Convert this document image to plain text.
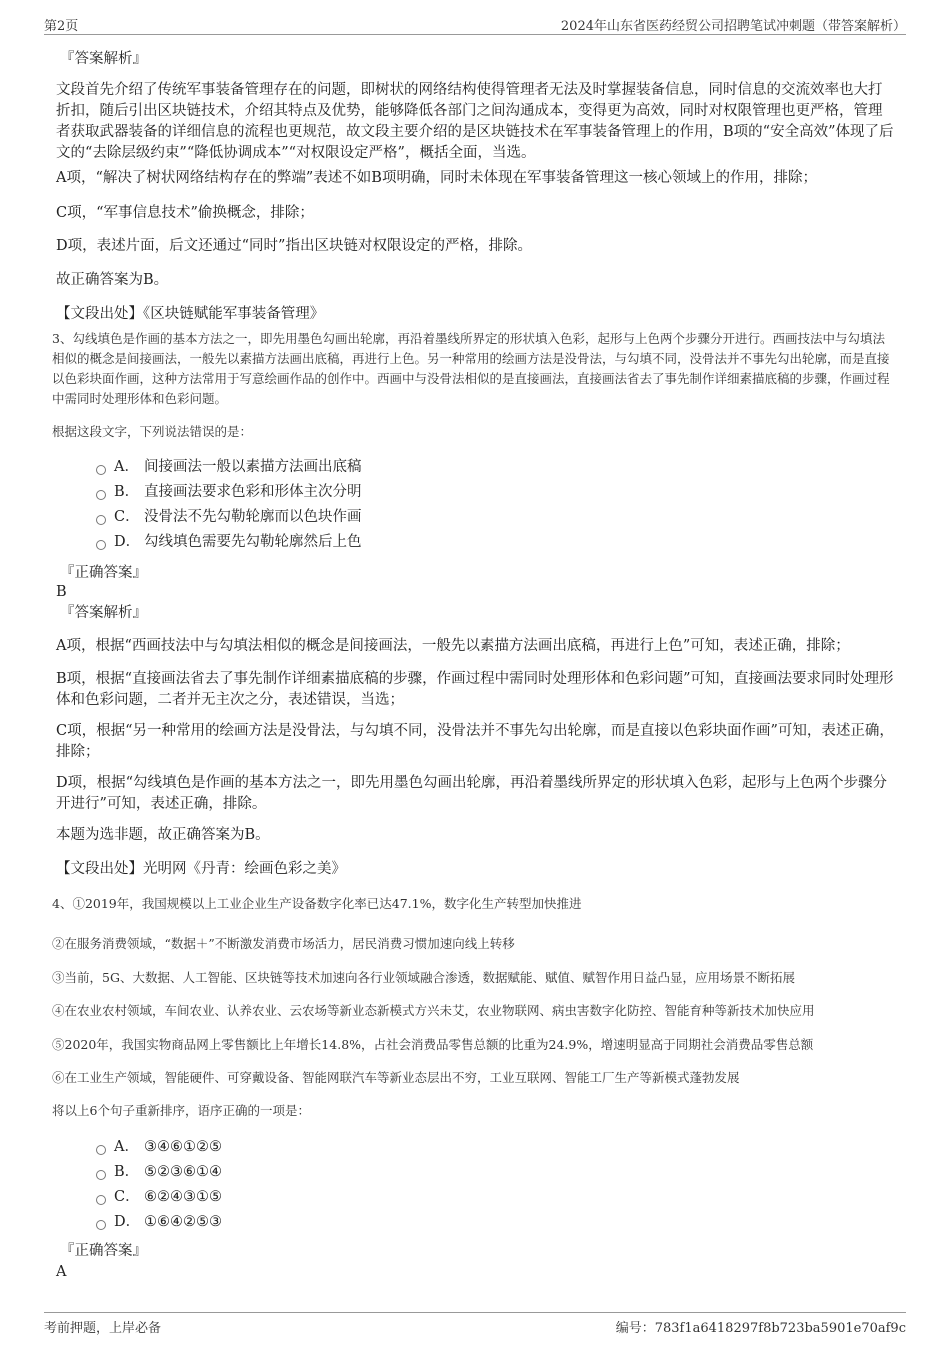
第2页	2024年山东省医药经贸公司招聘笔试冲刺题（带答案解析）

『答案解析』

文段首先介绍了传统军事装备管理存在的问题，即树状的网络结构使得管理者无法及时掌握装备信息，同时信息的交流效率也大打折扣，随后引出区块链技术，介绍其特点及优势，能够降低各部门之间沟通成本，变得更为高效，同时对权限管理也更严格，管理者获取武器装备的详细信息的流程也更规范，故文段主要介绍的是区块链技术在军事装备管理上的作用，B项的“安全高效”体现了后文的“去除层级约束”“降低协调成本”“对权限设定严格”，概括全面，当选。

A项，“解决了树状网络结构存在的弊端”表述不如B项明确，同时未体现在军事装备管理这一核心领域上的作用，排除；

C项，“军事信息技术”偷换概念，排除；

D项，表述片面，后文还通过“同时”指出区块链对权限设定的严格，排除。

故正确答案为B。

【文段出处】《区块链赋能军事装备管理》

3、勾线填色是作画的基本方法之一，即先用墨色勾画出轮廓，再沿着墨线所界定的形状填入色彩，起形与上色两个步骤分开进行。西画技法中与勾填法相似的概念是间接画法，一般先以素描方法画出底稿，再进行上色。另一种常用的绘画方法是没骨法，与勾填不同，没骨法并不事先勾出轮廓，而是直接以色彩块面作画，这种方法常用于写意绘画作品的创作中。西画中与没骨法相似的是直接画法，直接画法省去了事先制作详细素描底稿的步骤，作画过程中需同时处理形体和色彩问题。

根据这段文字，下列说法错误的是：

A． 间接画法一般以素描方法画出底稿
B． 直接画法要求色彩和形体主次分明
C． 没骨法不先勾勒轮廓而以色块作画
D． 勾线填色需要先勾勒轮廓然后上色

『正确答案』

B

『答案解析』

A项，根据“西画技法中与勾填法相似的概念是间接画法，一般先以素描方法画出底稿，再进行上色”可知，表述正确，排除；

B项，根据“直接画法省去了事先制作详细素描底稿的步骤，作画过程中需同时处理形体和色彩问题”可知，直接画法要求同时处理形体和色彩问题，二者并无主次之分，表述错误，当选；

C项，根据“另一种常用的绘画方法是没骨法，与勾填不同，没骨法并不事先勾出轮廓，而是直接以色彩块面作画”可知，表述正确，排除；

D项，根据“勾线填色是作画的基本方法之一，即先用墨色勾画出轮廓，再沿着墨线所界定的形状填入色彩，起形与上色两个步骤分开进行”可知，表述正确，排除。

本题为选非题，故正确答案为B。

【文段出处】光明网《丹青：绘画色彩之美》

4、①2019年，我国规模以上工业企业生产设备数字化率已达47.1%，数字化生产转型加快推进

②在服务消费领域，“数据＋”不断激发消费市场活力，居民消费习惯加速向线上转移

③当前，5G、大数据、人工智能、区块链等技术加速向各行业领域融合渗透，数据赋能、赋值、赋智作用日益凸显，应用场景不断拓展

④在农业农村领域，车间农业、认养农业、云农场等新业态新模式方兴未艾，农业物联网、病虫害数字化防控、智能育种等新技术加快应用

⑤2020年，我国实物商品网上零售额比上年增长14.8%，占社会消费品零售总额的比重为24.9%，增速明显高于同期社会消费品零售总额

⑥在工业生产领域，智能硬件、可穿戴设备、智能网联汽车等新业态层出不穷，工业互联网、智能工厂生产等新模式蓬勃发展

将以上6个句子重新排序，语序正确的一项是：

A． ③④⑥①②⑤
B． ⑤②③⑥①④
C． ⑥②④③①⑤
D． ①⑥④②⑤③

『正确答案』

A

考前押题，上岸必备	编号：783f1a6418297f8b723ba5901e70af9c
